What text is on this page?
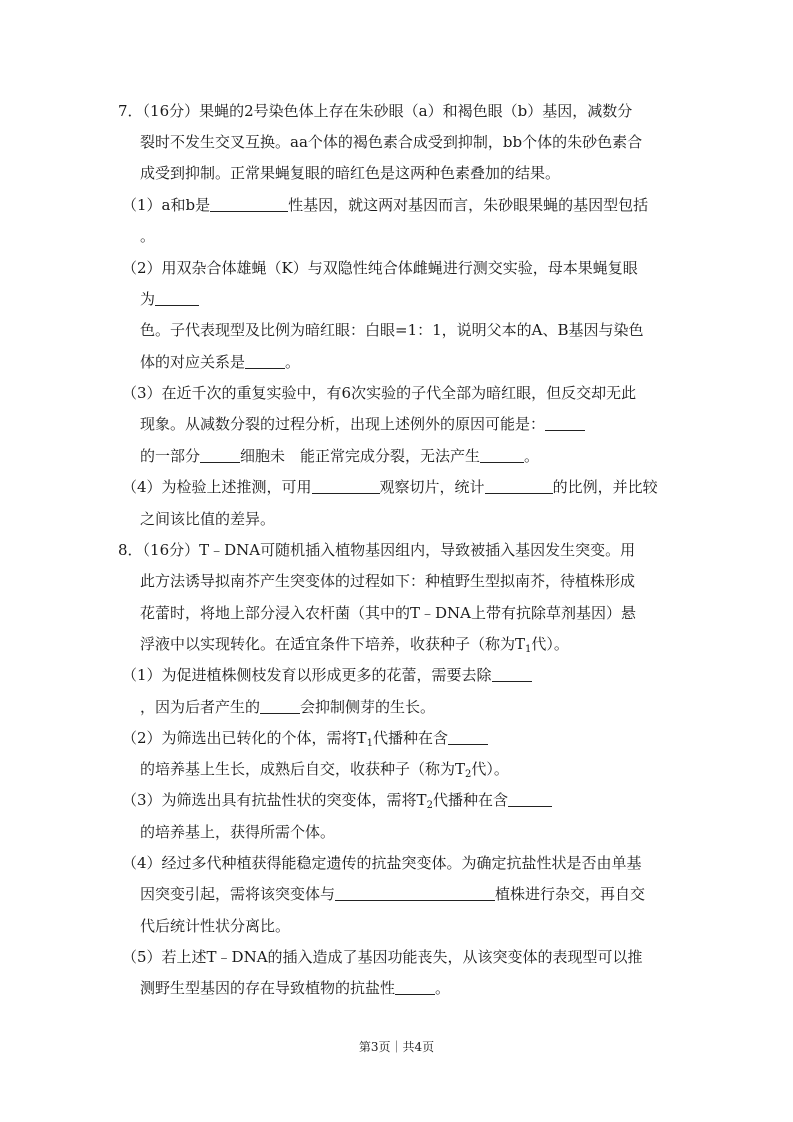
7．（16分）果蝇的2号染色体上存在朱砂眼（a）和褐色眼（b）基因，减数分
裂时不发生交叉互换。aa个体的褐色素合成受到抑制，bb个体的朱砂色素合
成受到抑制。正常果蝇复眼的暗红色是这两种色素叠加的结果。
（1）a和b是	性基因，就这两对基因而言，朱砂眼果蝇的基因型包括
。
（2）用双杂合体雄蝇（K）与双隐性纯合体雌蝇进行测交实验，母本果蝇复眼
为
色。子代表现型及比例为暗红眼：白眼=1：1，说明父本的A、B基因与染色
体的对应关系是	。
（3）在近千次的重复实验中，有6次实验的子代全部为暗红眼，但反交却无此
现象。从减数分裂的过程分析，出现上述例外的原因可能是：
的一部分	细胞未　能正常完成分裂，无法产生	。
（4）为检验上述推测，可用	观察切片，统计	的比例，并比较
之间该比值的差异。
8．（16分）T﹣DNA可随机插入植物基因组内，导致被插入基因发生突变。用
此方法诱导拟南芥产生突变体的过程如下：种植野生型拟南芥，待植株形成
花蕾时，将地上部分浸入农杆菌（其中的T﹣DNA上带有抗除草剂基因）悬
浮液中以实现转化。在适宜条件下培养，收获种子（称为$T_1$代）。
（1）为促进植株侧枝发育以形成更多的花蕾，需要去除
，因为后者产生的	会抑制侧芽的生长。
（2）为筛选出已转化的个体，需将$T_1$代播种在含
的培养基上生长，成熟后自交，收获种子（称为$T_2$代）。
（3）为筛选出具有抗盐性状的突变体，需将$T_2$代播种在含
的培养基上，获得所需个体。
（4）经过多代种植获得能稳定遗传的抗盐突变体。为确定抗盐性状是否由单基
因突变引起，需将该突变体与	植株进行杂交，再自交
代后统计性状分离比。
（5）若上述T﹣DNA的插入造成了基因功能丧失，从该突变体的表现型可以推
测野生型基因的存在导致植物的抗盐性	。
第3页｜共4页
